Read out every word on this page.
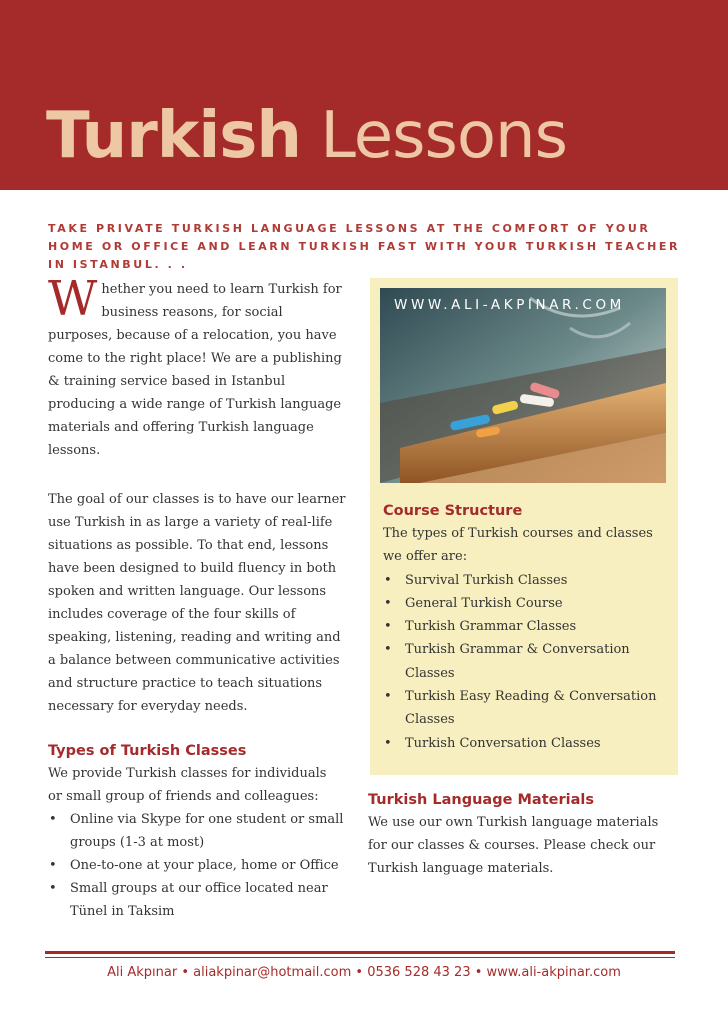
Turkish Lessons
TAKE PRIVATE TURKISH LANGUAGE LESSONS AT THE COMFORT OF YOUR HOME OR OFFICE AND LEARN TURKISH FAST WITH YOUR TURKISH TEACHER IN ISTANBUL. . .
W hether you need to learn Turkish for
business reasons, for social
purposes, because of a relocation, you have
come to the right place! We are a publishing
& training service based in Istanbul
producing a wide range of Turkish language
materials and offering Turkish language
lessons.
The goal of our classes is to have our learner
use Turkish in as large a variety of real-life
situations as possible. To that end, lessons
have been designed to build fluency in both
spoken and written language. Our lessons
includes coverage of the four skills of
speaking, listening, reading and writing and
a balance between communicative activities
and structure practice to teach situations
necessary for everyday needs.
Types of Turkish Classes
We provide Turkish classes for individuals
or small group of friends and colleagues:
• Online via Skype for one student or small
groups (1-3 at most)
• One-to-one at your place, home or Office
• Small groups at our office located near
Tünel in Taksim
WWW.ALI-AKPINAR.COM
Course Structure
The types of Turkish courses and classes
we offer are:
• Survival Turkish Classes
• General Turkish Course
• Turkish Grammar Classes
• Turkish Grammar & Conversation
Classes
• Turkish Easy Reading & Conversation
Classes
• Turkish Conversation Classes
Turkish Language Materials
We use our own Turkish language materials
for our classes & courses. Please check our
Turkish language materials.
Ali Akpınar • aliakpinar@hotmail.com • 0536 528 43 23 • www.ali-akpinar.com
